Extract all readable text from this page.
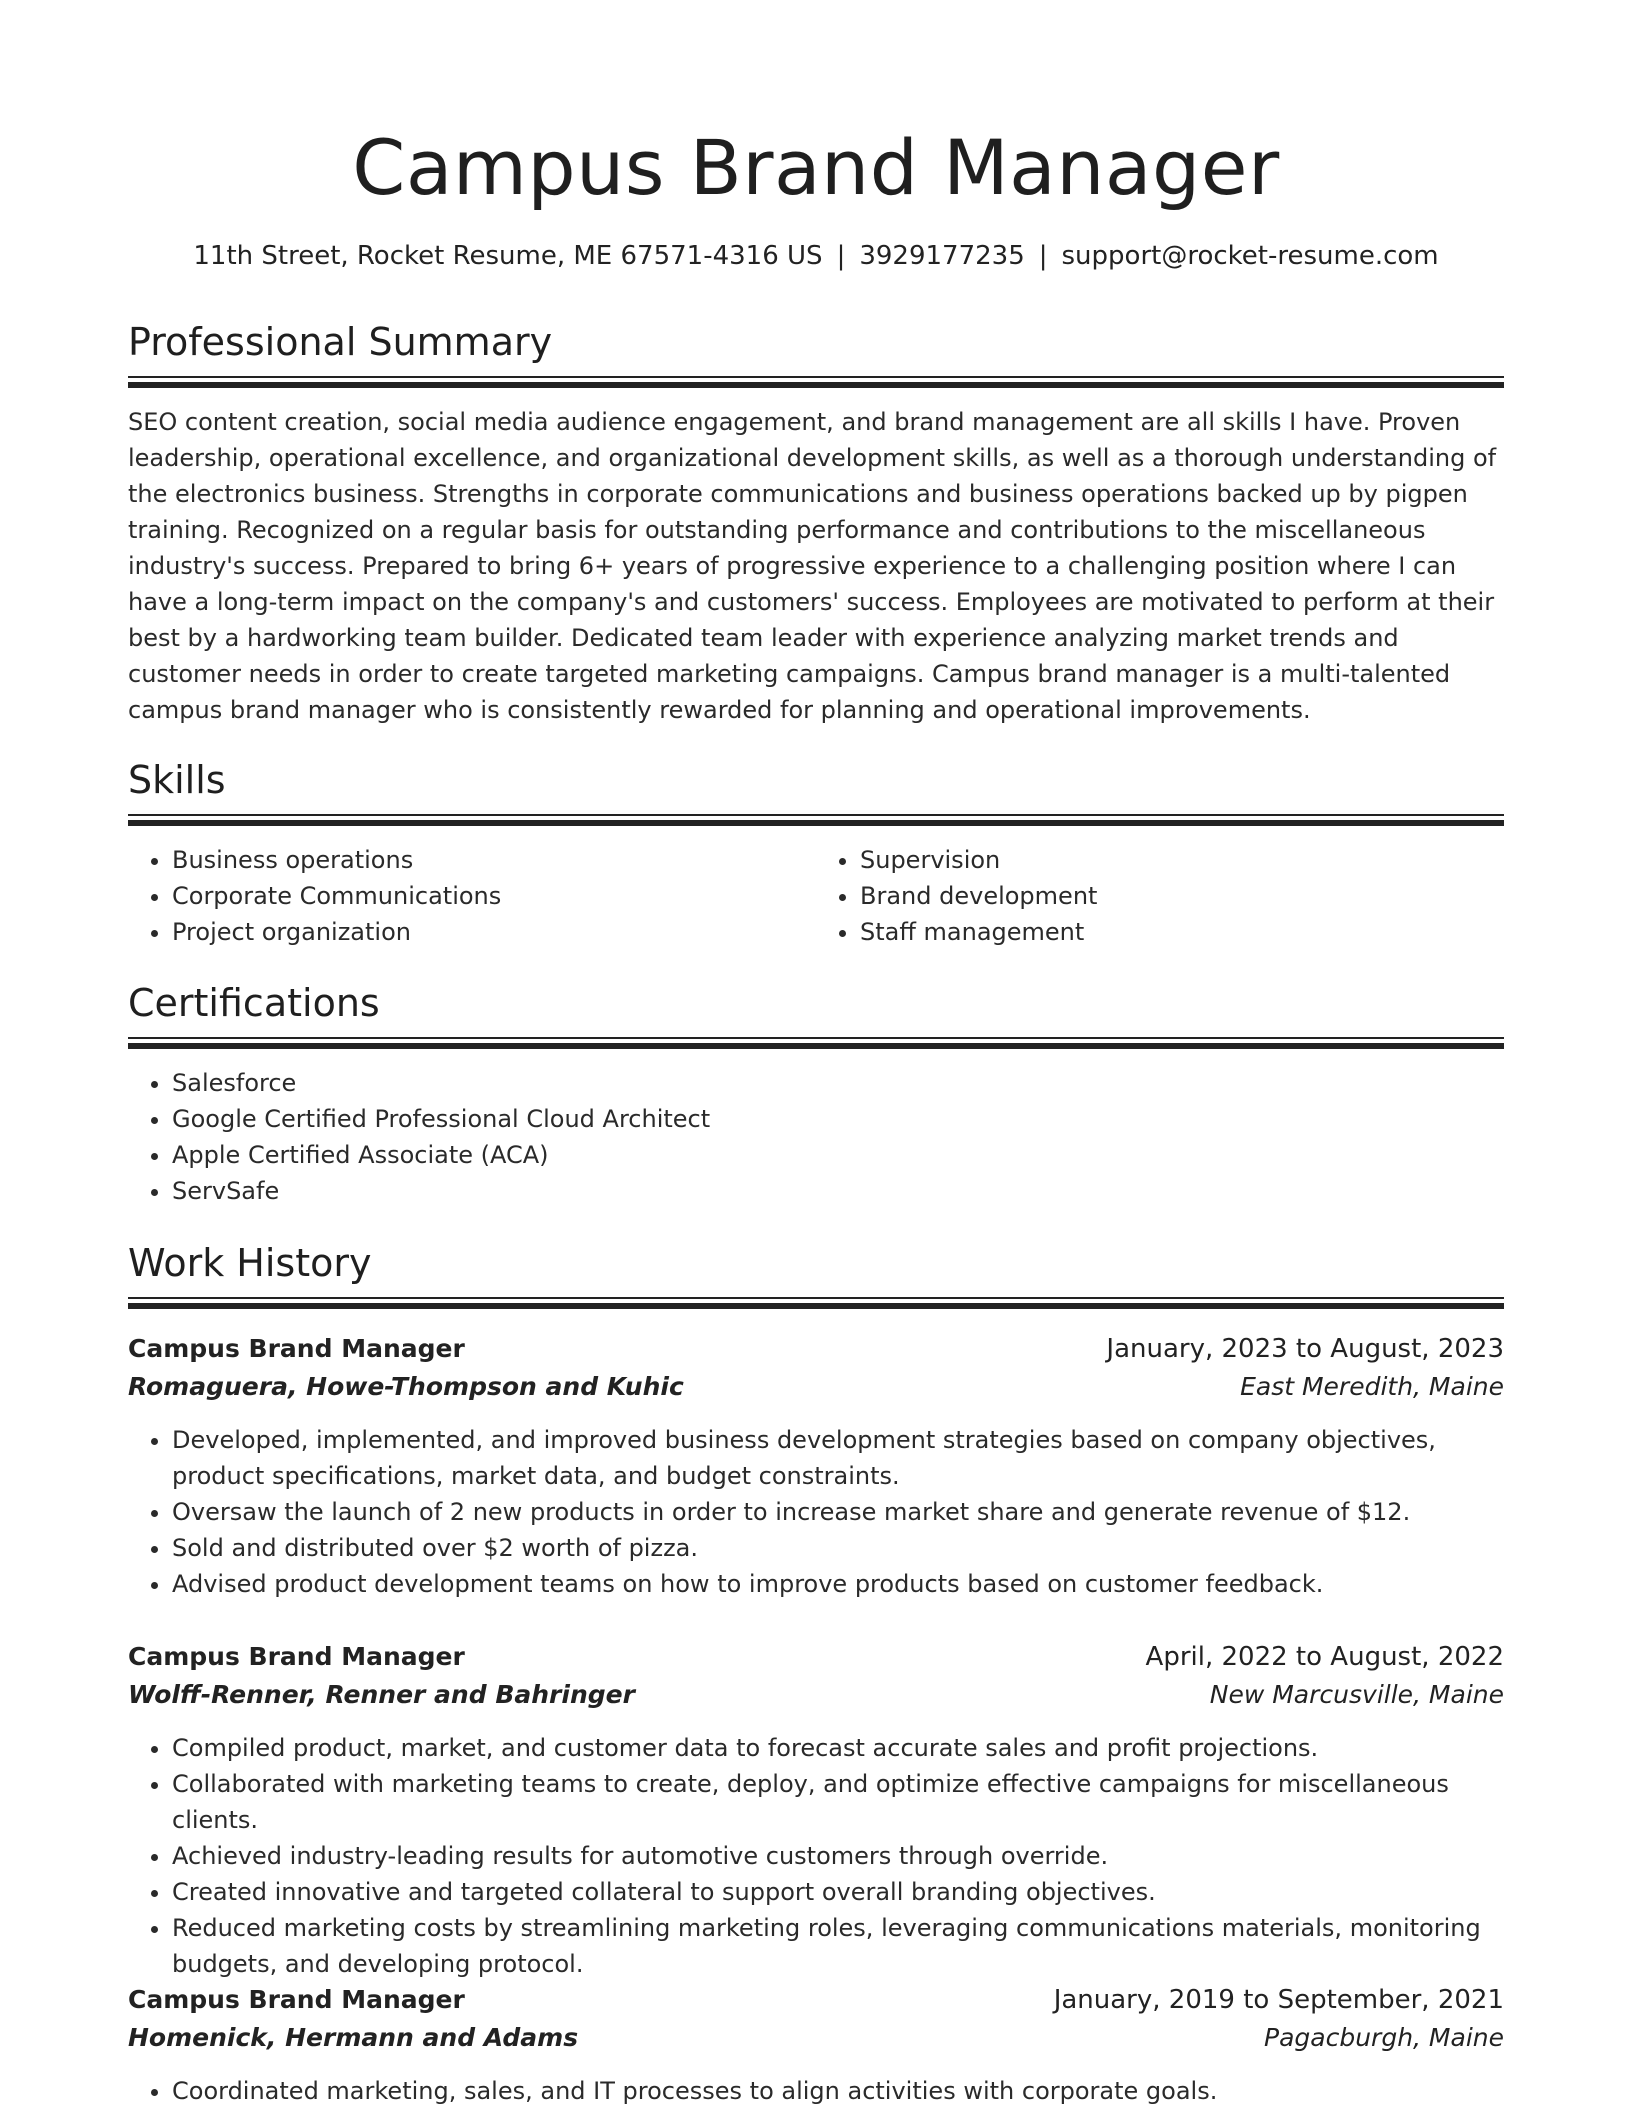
Campus Brand Manager
11th Street, Rocket Resume, ME 67571-4316 US | 3929177235 | support@rocket-resume.com
Professional Summary

SEO content creation, social media audience engagement, and brand management are all skills I have. Proven leadership, operational excellence, and organizational development skills, as well as a thorough understanding of the electronics business. Strengths in corporate communications and business operations backed up by pigpen training. Recognized on a regular basis for outstanding performance and contributions to the miscellaneous industry's success. Prepared to bring 6+ years of progressive experience to a challenging position where I can have a long-term impact on the company's and customers' success. Employees are motivated to perform at their best by a hardworking team builder. Dedicated team leader with experience analyzing market trends and customer needs in order to create targeted marketing campaigns. Campus brand manager is a multi-talented campus brand manager who is consistently rewarded for planning and operational improvements.

Skills
• Business operations
• Corporate Communications
• Project organization
• Supervision
• Brand development
• Staff management
Certifications
• Salesforce
• Google Certified Professional Cloud Architect
• Apple Certified Associate (ACA)
• ServSafe
Work History
Campus Brand Manager	January, 2023 to August, 2023
Romaguera, Howe-Thompson and Kuhic	East Meredith, Maine
• Developed, implemented, and improved business development strategies based on company objectives, product specifications, market data, and budget constraints.
• Oversaw the launch of 2 new products in order to increase market share and generate revenue of $12.
• Sold and distributed over $2 worth of pizza.
• Advised product development teams on how to improve products based on customer feedback.
Campus Brand Manager	April, 2022 to August, 2022
Wolff-Renner, Renner and Bahringer	New Marcusville, Maine
• Compiled product, market, and customer data to forecast accurate sales and profit projections.
• Collaborated with marketing teams to create, deploy, and optimize effective campaigns for miscellaneous clients.
• Achieved industry-leading results for automotive customers through override.
• Created innovative and targeted collateral to support overall branding objectives.
• Reduced marketing costs by streamlining marketing roles, leveraging communications materials, monitoring budgets, and developing protocol.
Campus Brand Manager	January, 2019 to September, 2021
Homenick, Hermann and Adams	Pagacburgh, Maine
• Coordinated marketing, sales, and IT processes to align activities with corporate goals.
